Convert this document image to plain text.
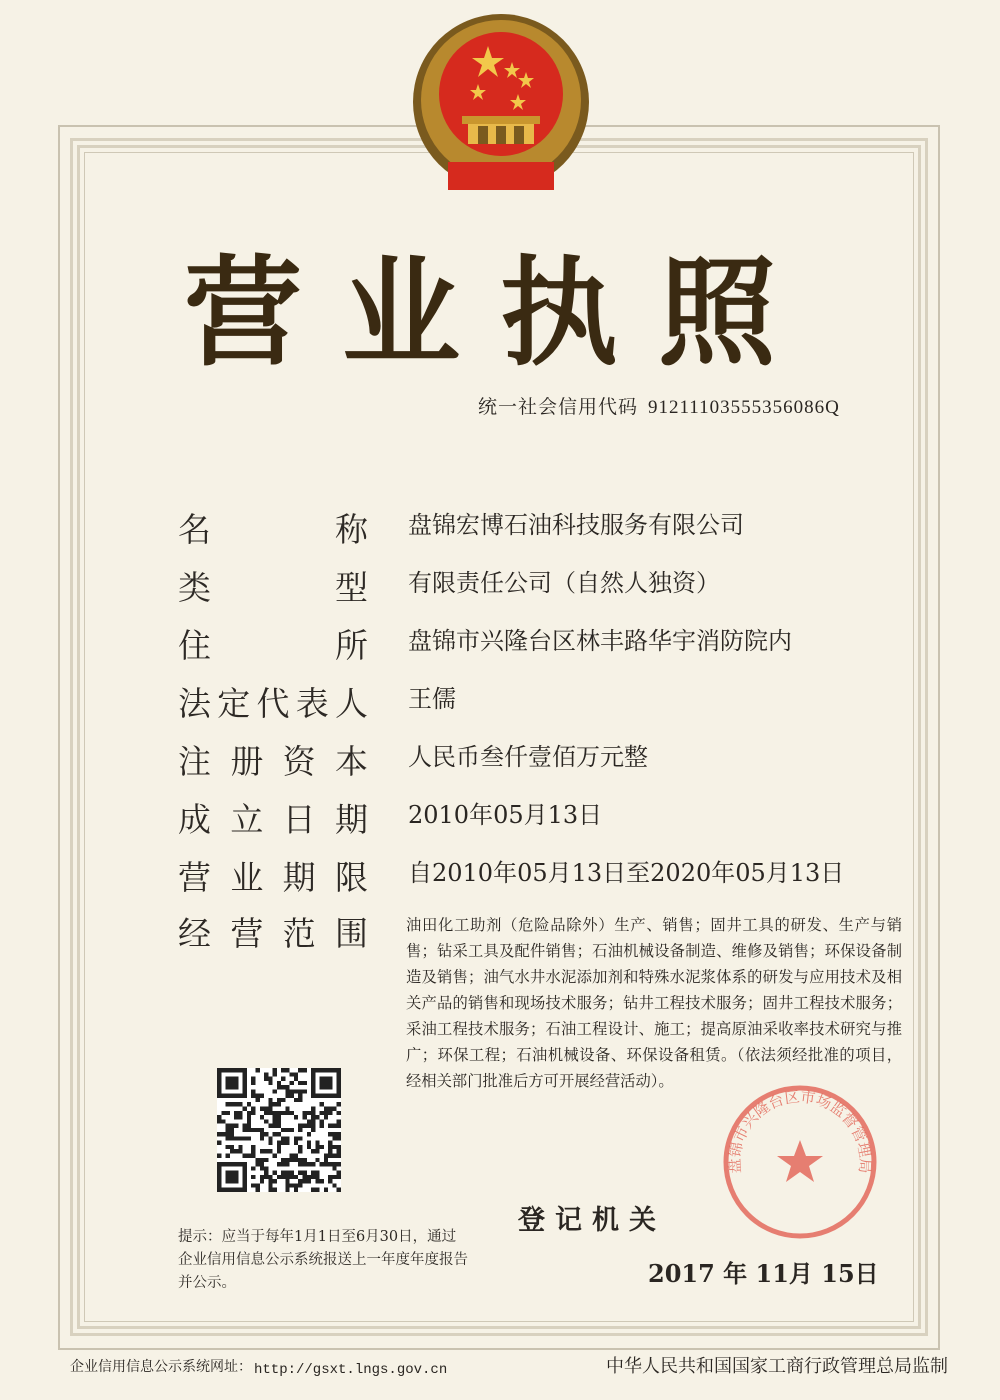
营业执照
统一社会信用代码 91211103555356086Q
名	称 盘锦宏博石油科技服务有限公司
类	型 有限责任公司（自然人独资）
住	所 盘锦市兴隆台区林丰路华宇消防院内
法 定 代 表 人 王儒
注 册 资 本 人民币叁仟壹佰万元整
成 立 日 期 2010年05月13日
营 业 期 限 自2010年05月13日至2020年05月13日
经 营 范 围 油田化工助剂（危险品除外）生产、销售；固井工具的研发、生产与销售；钻采工具及配件销售；石油机械设备制造、维修及销售；环保设备制造及销售；油气水井水泥添加剂和特殊水泥浆体系的研发与应用技术及相关产品的销售和现场技术服务；钻井工程技术服务；固井工程技术服务；采油工程技术服务；石油工程设计、施工；提高原油采收率技术研究与推广；环保工程；石油机械设备、环保设备租赁。（依法须经批准的项目，经相关部门批准后方可开展经营活动）。
提示：应当于每年1月1日至6月30日，通过企业信用信息公示系统报送上一年度年度报告并公示。
盘锦市兴隆台区市场监督管理局
登记机关
2017 年 11月 15日
企业信用信息公示系统网址： http://gsxt.lngs.gov.cn	中华人民共和国国家工商行政管理总局监制
